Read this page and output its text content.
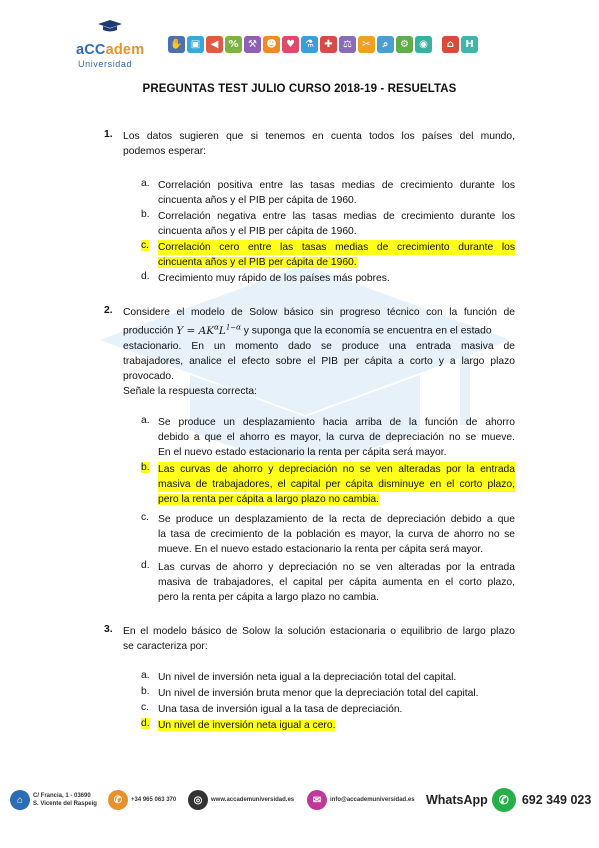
aCCadem
Universidad
✋ ▣	◀	% ⚒ ☻ ♥	⚗	✚	⚖	✂	⌕	⚙	◉	⌂	H
PREGUNTAS TEST JULIO CURSO 2018-19 - RESUELTAS
1. Los datos sugieren que si tenemos en cuenta todos los países del mundo,
podemos esperar:
a. Correlación positiva entre las tasas medias de crecimiento durante los
cincuenta años y el PIB per cápita de 1960.
b. Correlación negativa entre las tasas medias de crecimiento durante los
cincuenta años y el PIB per cápita de 1960.
c. Correlación cero entre las tasas medias de crecimiento durante los
cincuenta años y el PIB per cápita de 1960.
d. Crecimiento muy rápido de los países más pobres.
2. Considere el modelo de Solow básico sin progreso técnico con la función de
producción $Y = AK^\alpha L^{1-\alpha}$ y suponga que la economía se encuentra en el estado
estacionario. En un momento dado se produce una entrada masiva de
trabajadores, analice el efecto sobre el PIB per cápita a corto y a largo plazo
provocado.
Señale la respuesta correcta:
a. Se produce un desplazamiento hacia arriba de la función de ahorro
debido a que el ahorro es mayor, la curva de depreciación no se mueve.
En el nuevo estado estacionario la renta per cápita será mayor.
b. Las curvas de ahorro y depreciación no se ven alteradas por la entrada
masiva de trabajadores, el capital per cápita disminuye en el corto plazo,
pero la renta per cápita a largo plazo no cambia.
c. Se produce un desplazamiento de la recta de depreciación debido a que
la tasa de crecimiento de la población es mayor, la curva de ahorro no se
mueve. En el nuevo estado estacionario la renta per cápita será mayor.
d. Las curvas de ahorro y depreciación no se ven alteradas por la entrada
masiva de trabajadores, el capital per cápita aumenta en el corto plazo,
pero la renta per cápita a largo plazo no cambia.
3. En el modelo básico de Solow la solución estacionaria o equilibrio de largo plazo
se caracteriza por:
a. Un nivel de inversión neta igual a la depreciación total del capital.
b. Un nivel de inversión bruta menor que la depreciación total del capital.
c. Una tasa de inversión igual a la tasa de depreciación.
d. Un nivel de inversión neta igual a cero.
⌂	C/ Francia, 1 - 03690
S. Vicente del Raspeig	✆	+34 965 063 370	◎	www.accademuniversidad.es	✉	info@accademuniversidad.es WhatsApp ✆	692 349 023
